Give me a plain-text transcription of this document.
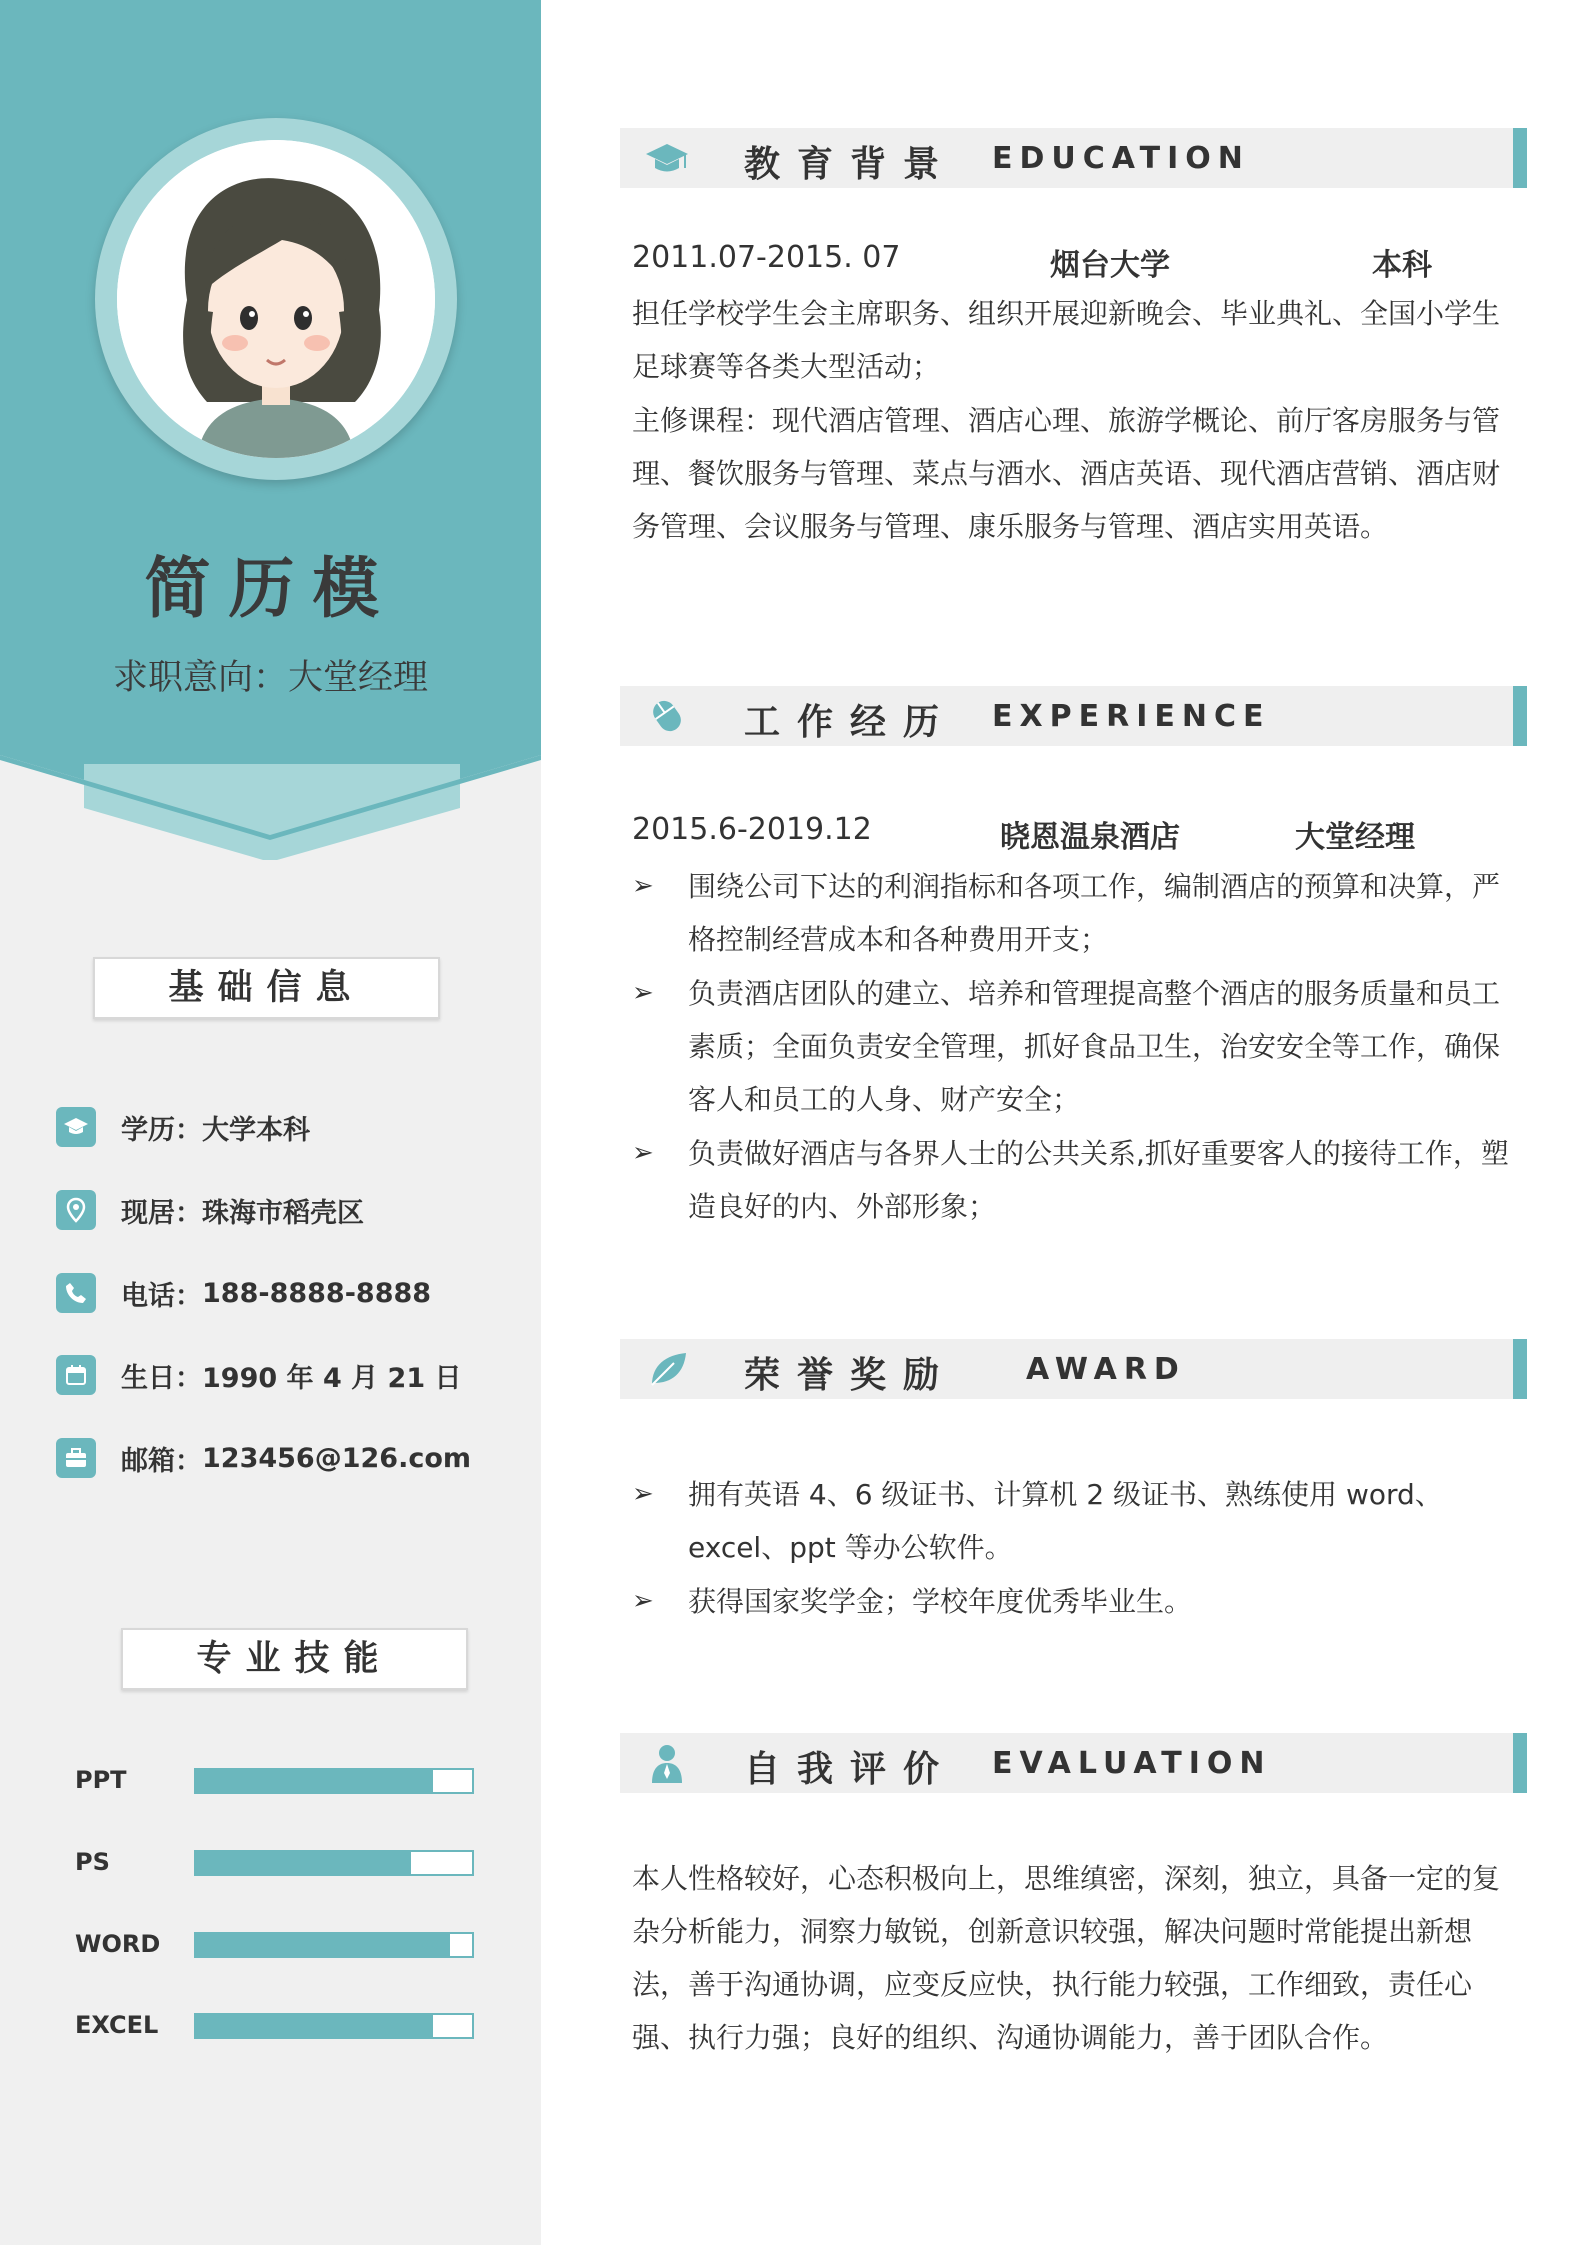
简历模
求职意向：大堂经理
基础信息
学历： 大学本科
现居： 珠海市稻壳区
电话： 188-8888-8888
生日： 1990 年 4 月 21 日
邮箱： 123456@126.com
专业技能
PPT
PS
WORD
EXCEL
教育背景 EDUCATION
2011.07-2015. 07	烟台大学	本科
担任学校学生会主席职务、组织开展迎新晚会、毕业典礼、全国小学生足球赛等各类大型活动；
主修课程：现代酒店管理、酒店心理、旅游学概论、前厅客房服务与管理、餐饮服务与管理、菜点与酒水、酒店英语、现代酒店营销、酒店财务管理、会议服务与管理、康乐服务与管理、酒店实用英语。
工作经历 EXPERIENCE
2015.6-2019.12	晓恩温泉酒店	大堂经理
➢ 围绕公司下达的利润指标和各项工作，编制酒店的预算和决算，严格控制经营成本和各种费用开支；
➢ 负责酒店团队的建立、培养和管理提高整个酒店的服务质量和员工素质；全面负责安全管理，抓好食品卫生，治安安全等工作，确保客人和员工的人身、财产安全；
➢ 负责做好酒店与各界人士的公共关系,抓好重要客人的接待工作，塑造良好的内、外部形象；
荣誉奖励 AWARD
➢ 拥有英语 4、6 级证书、计算机 2 级证书、熟练使用 word、excel、ppt 等办公软件。
➢ 获得国家奖学金；学校年度优秀毕业生。
自我评价 EVALUATION
本人性格较好，心态积极向上，思维缜密，深刻，独立，具备一定的复杂分析能力，洞察力敏锐，创新意识较强，解决问题时常能提出新想法，善于沟通协调，应变反应快，执行能力较强，工作细致，责任心强、执行力强；良好的组织、沟通协调能力，善于团队合作。
